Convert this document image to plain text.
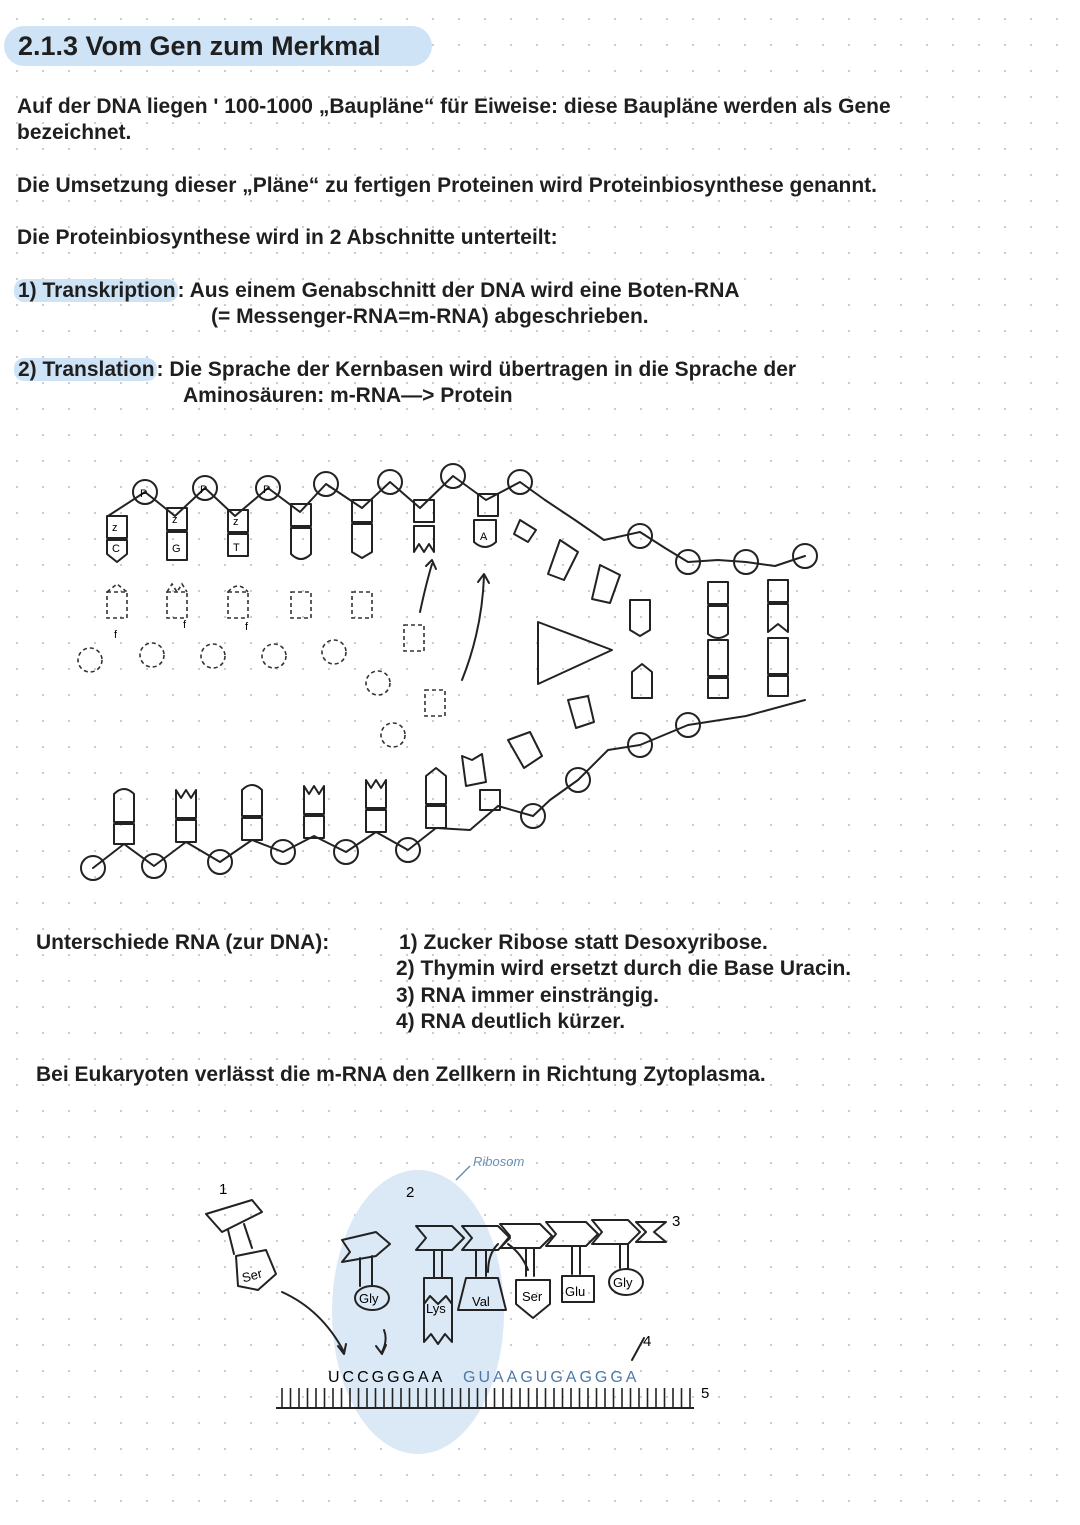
2.1.3 Vom Gen zum Merkmal

Auf der DNA liegen ' 100-1000 „Baupläne“ für Eiweise: diese Baupläne werden als Gene

bezeichnet.

Die Umsetzung dieser „Pläne“ zu fertigen Proteinen wird Proteinbiosynthese genannt.

Die Proteinbiosynthese wird in 2 Abschnitte unterteilt:

1) Transkription: Aus einem Genabschnitt der DNA wird eine Boten-RNA

(= Messenger-RNA=m-RNA) abgeschrieben.

2) Translation: Die Sprache der Kernbasen wird übertragen in die Sprache der

Aminosäuren: m-RNA—> Protein

P	P	P
z
z	z
C	G	T
A
f
f	f

Unterschiede RNA (zur DNA):	1) Zucker Ribose statt Desoxyribose.

2) Thymin wird ersetzt durch die Base Uracin.

3) RNA immer einsträngig.

4) RNA deutlich kürzer.

Bei Eukaryoten verlässt die m-RNA den Zellkern in Richtung Zytoplasma.

Ribosom
1	2
3
4
5
Ser
Gly
Lys Val Ser Glu
Gly
UCCGGGAA GUAAGUGAGGGA
